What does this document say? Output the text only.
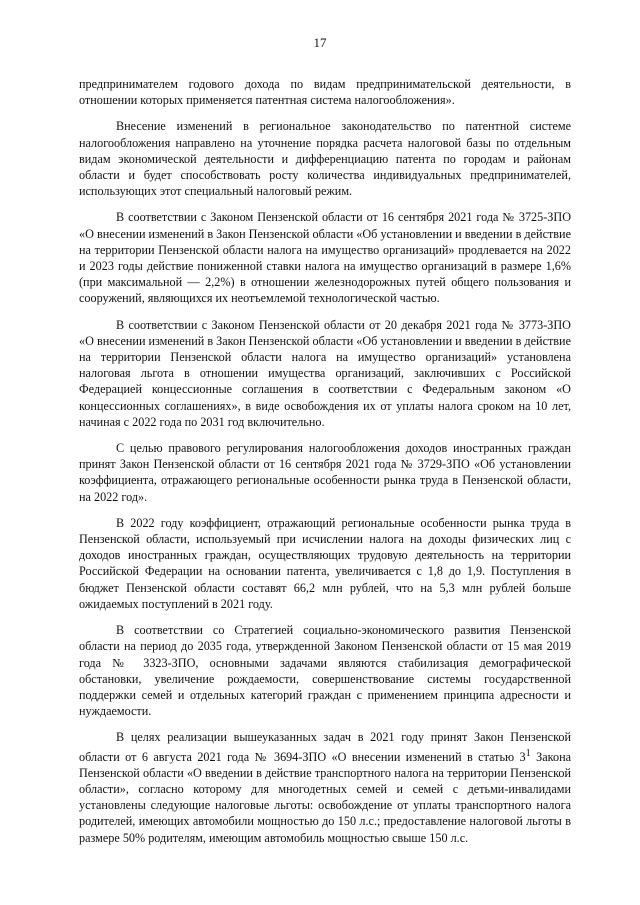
17

предпринимателем годового дохода по видам предпринимательской деятельности, в отношении которых применяется патентная система налогообложения».

Внесение изменений в региональное законодательство по патентной системе налогообложения направлено на уточнение порядка расчета налоговой базы по отдельным видам экономической деятельности и дифференциацию патента по городам и районам области и будет способствовать росту количества индивидуальных предпринимателей, использующих этот специальный налоговый режим.

В соответствии с Законом Пензенской области от 16 сентября 2021 года № 3725-ЗПО «О внесении изменений в Закон Пензенской области «Об установлении и введении в действие на территории Пензенской области налога на имущество организаций» продлевается на 2022 и 2023 годы действие пониженной ставки налога на имущество организаций в размере 1,6% (при максимальной — 2,2%) в отношении железнодорожных путей общего пользования и сооружений, являющихся их неотъемлемой технологической частью.

В соответствии с Законом Пензенской области от 20 декабря 2021 года № 3773-ЗПО «О внесении изменений в Закон Пензенской области «Об установлении и введении в действие на территории Пензенской области налога на имущество организаций» установлена налоговая льгота в отношении имущества организаций, заключивших с Российской Федерацией концессионные соглашения в соответствии с Федеральным законом «О концессионных соглашениях», в виде освобождения их от уплаты налога сроком на 10 лет, начиная с 2022 года по 2031 год включительно.

С целью правового регулирования налогообложения доходов иностранных граждан принят Закон Пензенской области от 16 сентября 2021 года № 3729-ЗПО «Об установлении коэффициента, отражающего региональные особенности рынка труда в Пензенской области, на 2022 год».

В 2022 году коэффициент, отражающий региональные особенности рынка труда в Пензенской области, используемый при исчислении налога на доходы физических лиц с доходов иностранных граждан, осуществляющих трудовую деятельность на территории Российской Федерации на основании патента, увеличивается с 1,8 до 1,9. Поступления в бюджет Пензенской области составят 66,2 млн рублей, что на 5,3 млн рублей больше ожидаемых поступлений в 2021 году.

В соответствии со Стратегией социально-экономического развития Пензенской области на период до 2035 года, утвержденной Законом Пензенской области от 15 мая 2019 года № 3323-ЗПО, основными задачами являются стабилизация демографической обстановки, увеличение рождаемости, совершенствование системы государственной поддержки семей и отдельных категорий граждан с применением принципа адресности и нуждаемости.

В целях реализации вышеуказанных задач в 2021 году принят Закон Пензенской области от 6 августа 2021 года № 3694-ЗПО «О внесении изменений в статью $3^1$ Закона Пензенской области «О введении в действие транспортного налога на территории Пензенской области», согласно которому для многодетных семей и семей с детьми-инвалидами установлены следующие налоговые льготы: освобождение от уплаты транспортного налога родителей, имеющих автомобили мощностью до 150 л.с.; предоставление налоговой льготы в размере 50% родителям, имеющим автомобиль мощностью свыше 150 л.с.
